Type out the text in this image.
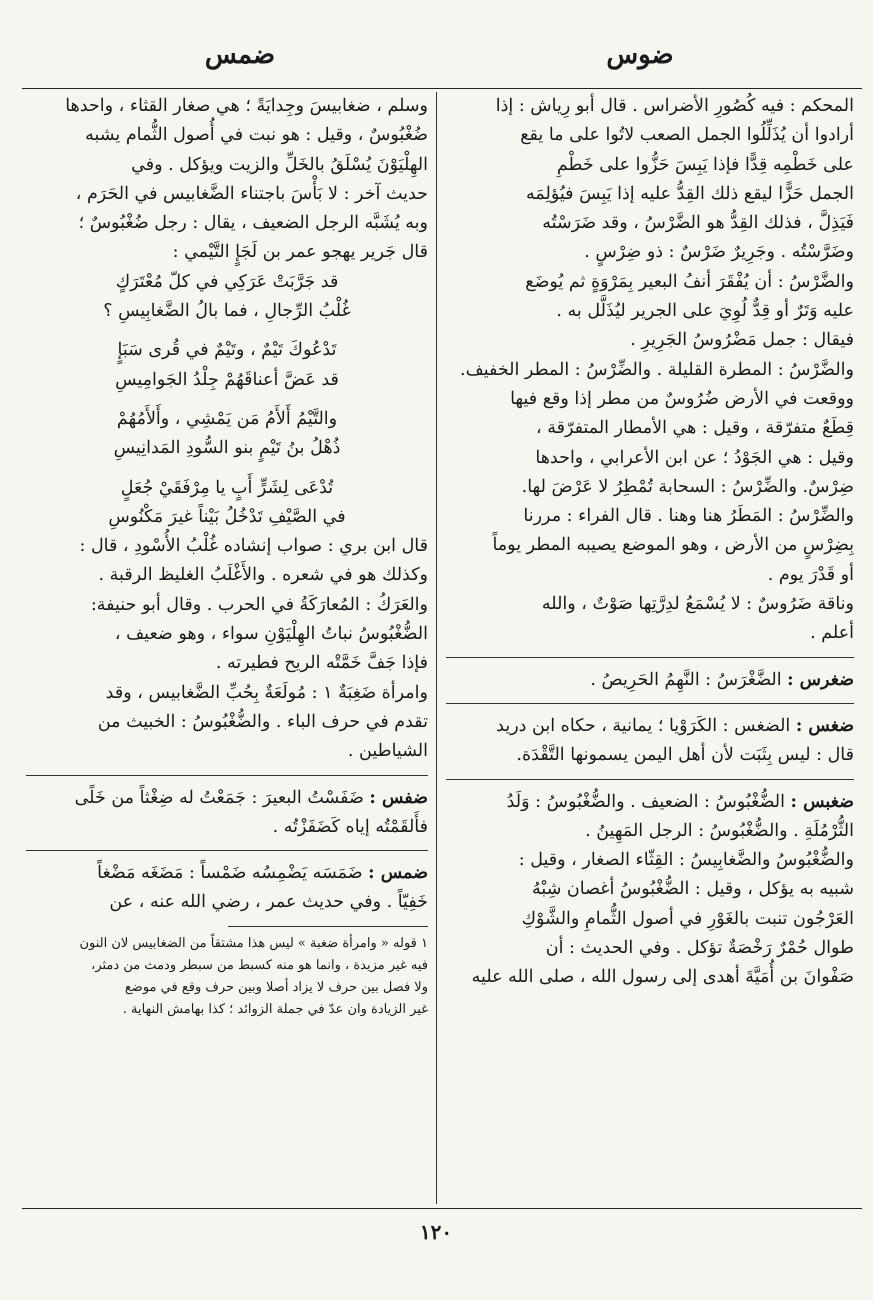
ضوس
ضمس

المحكم : فيه كُصُورِ الأضراس . قال أبو رِياش : إذا

أرادوا أن يُذَلِّلُوا الجمل الصعب لاتُوا على ما يقع

على خَطْمِه قِدًّا فإذا يَبِسَ حَزُّوا على خَطْمِ

الجمل حَزًّا ليقع ذلك القِدُّ عليه إذا يَبِسَ فيُؤلِمَه

فَيَذِلَّ ، فذلك القِدُّ هو الضَّرْسُ ، وقد ضَرَسْتُه

وضَرَّسْتُه . وجَرِيرٌ ضَرْسٌ : ذو ضِرْسٍ .

والضَّرْسُ : أن يُفْقَرَ أنفُ البعير بِمَرْوَةٍ ثم يُوضَع

عليه وَتَرٌ أو قِدٌّ لُوِيَ على الجرير ليُذَلَّل به .

فيقال : جمل مَضْرُوسُ الجَرِيرِ .

والضَّرْسُ : المطرة القليلة . والضِّرْسُ : المطر الخفيف.

ووقعت في الأرض ضُرُوسٌ من مطر إذا وقع فيها

قِطَعٌ متفرّقة ، وقيل : هي الأمطار المتفرّقة ،

وقيل : هي الجَوْدُ ؛ عن ابن الأعرابي ، واحدها

ضِرْسٌ. والضِّرْسُ : السحابة تُمْطِرُ لا عَرْضَ لها.

والضِّرْسُ : المَطَرُ هنا وهنا . قال الفراء : مررنا

بِضِرْسٍ من الأرض ، وهو الموضع يصيبه المطر يوماً

أو قَدْرَ يوم .

وناقة ضَرُوسٌ : لا يُسْمَعُ لدِرَّتِها صَوْتٌ ، والله

أعلم .

ضغرس : الضَّغْرَسُ : النَّهِمُ الحَرِيصُ .

ضغس : الضغس : الكَرَوْيا ؛ يمانية ، حكاه ابن دريد

قال : ليس بِثَبَت لأن أهل اليمن يسمونها التَّقْدَة.

ضغبس : الضُّغْبُوسُ : الضعيف . والضُّغْبُوسُ : وَلَدُ

الثُّرْمُلَةِ . والضُّغْبُوسُ : الرجل المَهِينُ .

والضُّغْبُوسُ والضَّغابِيسُ : القِثّاء الصغار ، وقيل :

شبيه به يؤكل ، وقيل : الضُّغْبُوسُ أغصان شِبْهُ

العَرْجُون تنبت بالغَوْرِ في أصول الثُّمامِ والشَّوْكِ

طوال حُمْرٌ رَخْصَةٌ تؤكل . وفي الحديث : أن

صَفْوانَ بن أُمَيَّةَ أهدى إلى رسول الله ، صلى الله عليه

وسلم ، ضغابيسَ وجِدايَةً ؛ هي صغار القثاء ، واحدها

ضُغْبُوسٌ ، وقيل : هو نبت في أُصول الثُّمام يشبه

الهِلْيَوْنَ يُسْلَقُ بالخَلِّ والزيت ويؤكل . وفي

حديث آخر : لا بَأْسَ باجتناء الضَّغابيس في الحَرَم ،

وبه يُشَبَّه الرجل الضعيف ، يقال : رجل ضُغْبُوسٌ ؛

قال جَرير يهجو عمر بن لَجَإٍ التَّيْمي :

قد جَرَّبَتْ عَرَكِي في كلّ مُعْتَرَكٍ

غُلْبُ الرِّجالِ ، فما بالُ الضَّغابِيسِ ؟

تَدْعُوكَ تَيْمٌ ، وتَيْمٌ في قُرى سَبَإٍ

قد عَضَّ أعناقَهُمْ جِلْدُ الجَوامِيسِ

والتَّيْمُ أَلأَمُ مَن يَمْشِي ، وأَلأَمُهُمْ

ذُهْلُ بنُ تَيْمٍ بنو السُّودِ المَدانِيسِ

تُدْعَى لِشَرٍّ أَبٍ يا مِرْفَقَيْ جُعَلٍ

في الصَّيْفِ تَدْخُلُ بَيْناً غيرَ مَكْنُوسِ

قال ابن بري : صواب إنشاده غُلْبُ الأُسْودِ ، قال :

وكذلك هو في شعره . والأَغْلَبُ الغليظ الرقبة .

والعَرَكُ : المُعارَكَةُ في الحرب . وقال أبو حنيفة:

الضُّغْبُوسُ نباتُ الهِلْيَوْنِ سواء ، وهو ضعيف ،

فإذا جَفَّ خَمَّتْه الريح فطيرته .

وامرأة ضَغِبَةٌ ١ : مُولَعَةٌ بِحُبِّ الضَّغابيس ، وقد

تقدم في حرف الباء . والضُّغْبُوسُ : الخبيث من

الشياطين .

ضفس : ضَفَسْتُ البعيرَ : جَمَعْتُ له ضِغْثاً من خَلًى

فأَلقَمْتُه إياه كَضَفَزْتُه .

ضمس : ضَمَسَه يَضْمِسُه ضَمْساً : مَضَغَه مَضْغاً

خَفِيّاً . وفي حديث عمر ، رضي الله عنه ، عن

١ قوله « وامرأة ضغبة » ليس هذا مشتقاً من الضغابيس لان النون

فيه غير مزيدة ، وانما هو منه كسبط من سبطر ودمث من دمثر،

ولا فصل بين حرف لا يزاد أصلا وبين حرف وقع في موضع

غير الزيادة وان عدّ في جملة الزوائد ؛ كذا بهامش النهاية .

١٢٠
